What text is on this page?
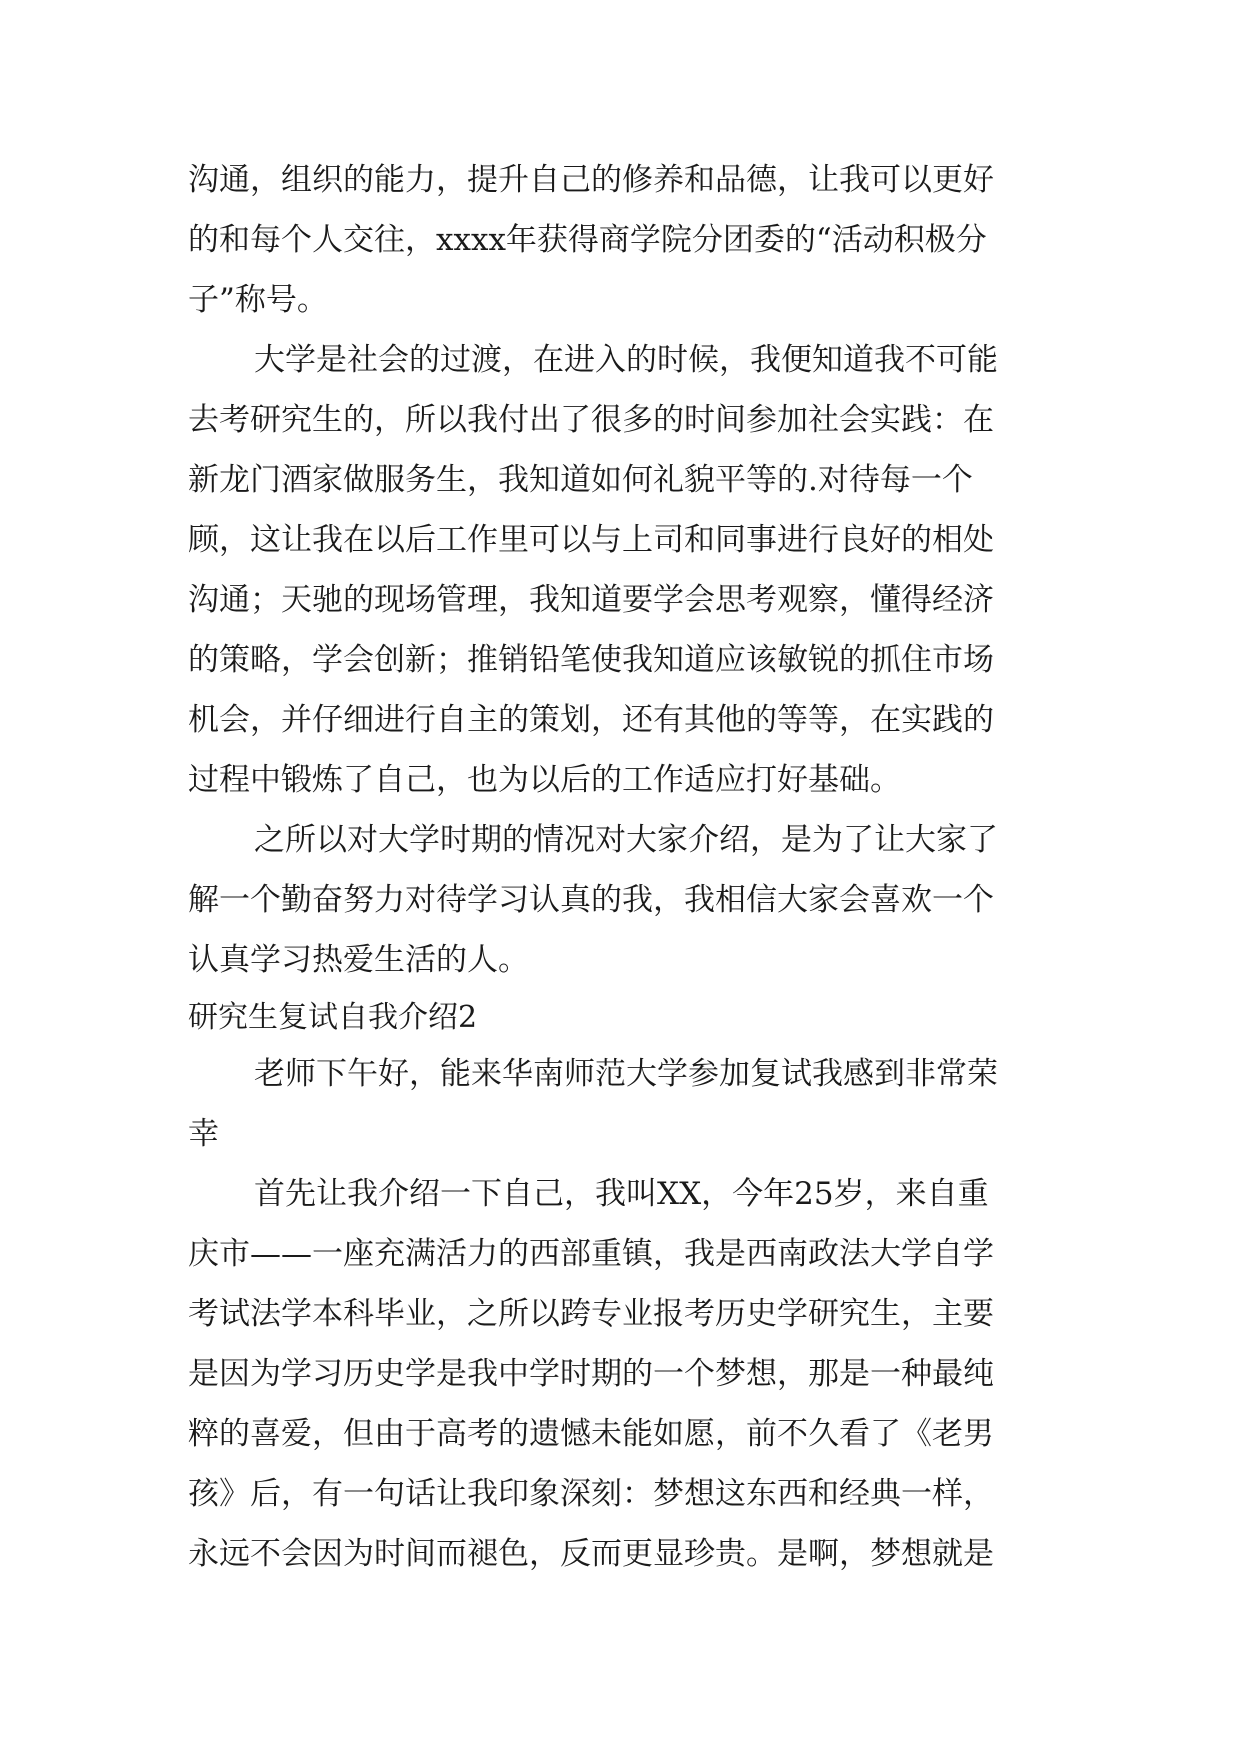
沟通，组织的能力，提升自己的修养和品德，让我可以更好
的和每个人交往，xxxx年获得商学院分团委的“活动积极分
子”称号。
大学是社会的过渡，在进入的时候，我便知道我不可能
去考研究生的，所以我付出了很多的时间参加社会实践：在
新龙门酒家做服务生，我知道如何礼貌平等的.对待每一个
顾，这让我在以后工作里可以与上司和同事进行良好的相处
沟通；天驰的现场管理，我知道要学会思考观察，懂得经济
的策略，学会创新；推销铅笔使我知道应该敏锐的抓住市场
机会，并仔细进行自主的策划，还有其他的等等，在实践的
过程中锻炼了自己，也为以后的工作适应打好基础。
之所以对大学时期的情况对大家介绍，是为了让大家了
解一个勤奋努力对待学习认真的我，我相信大家会喜欢一个
认真学习热爱生活的人。
研究生复试自我介绍2
老师下午好，能来华南师范大学参加复试我感到非常荣
幸
首先让我介绍一下自己，我叫XX，今年25岁，来自重
庆市——一座充满活力的西部重镇，我是西南政法大学自学
考试法学本科毕业，之所以跨专业报考历史学研究生，主要
是因为学习历史学是我中学时期的一个梦想，那是一种最纯
粹的喜爱，但由于高考的遗憾未能如愿，前不久看了《老男
孩》后，有一句话让我印象深刻：梦想这东西和经典一样，
永远不会因为时间而褪色，反而更显珍贵。是啊，梦想就是
